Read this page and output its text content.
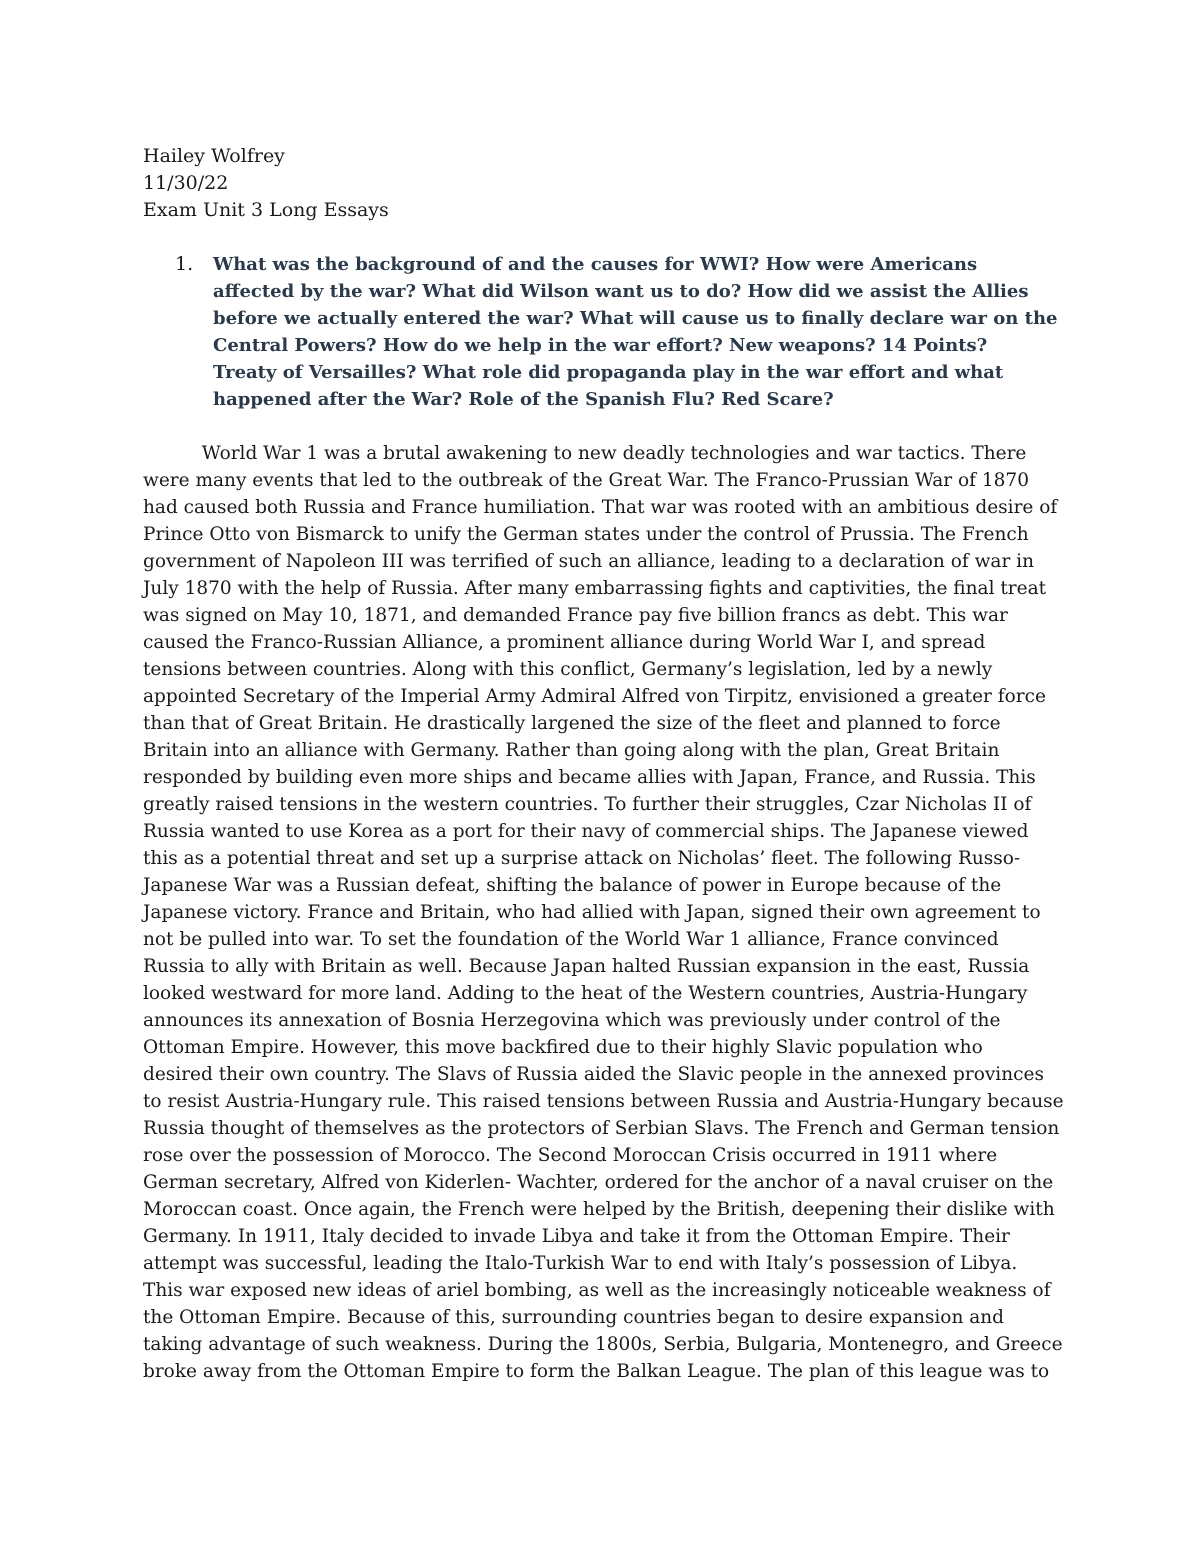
Hailey Wolfrey
11/30/22
Exam Unit 3 Long Essays
1. What was the background of and the causes for WWI? How were Americans
affected by the war? What did Wilson want us to do? How did we assist the Allies
before we actually entered the war? What will cause us to finally declare war on the
Central Powers? How do we help in the war effort? New weapons? 14 Points?
Treaty of Versailles? What role did propaganda play in the war effort and what
happened after the War? Role of the Spanish Flu? Red Scare?
World War 1 was a brutal awakening to new deadly technologies and war tactics. There
were many events that led to the outbreak of the Great War. The Franco-Prussian War of 1870
had caused both Russia and France humiliation. That war was rooted with an ambitious desire of
Prince Otto von Bismarck to unify the German states under the control of Prussia. The French
government of Napoleon III was terrified of such an alliance, leading to a declaration of war in
July 1870 with the help of Russia. After many embarrassing fights and captivities, the final treat
was signed on May 10, 1871, and demanded France pay five billion francs as debt. This war
caused the Franco-Russian Alliance, a prominent alliance during World War I, and spread
tensions between countries. Along with this conflict, Germany’s legislation, led by a newly
appointed Secretary of the Imperial Army Admiral Alfred von Tirpitz, envisioned a greater force
than that of Great Britain. He drastically largened the size of the fleet and planned to force
Britain into an alliance with Germany. Rather than going along with the plan, Great Britain
responded by building even more ships and became allies with Japan, France, and Russia. This
greatly raised tensions in the western countries. To further their struggles, Czar Nicholas II of
Russia wanted to use Korea as a port for their navy of commercial ships. The Japanese viewed
this as a potential threat and set up a surprise attack on Nicholas’ fleet. The following Russo-
Japanese War was a Russian defeat, shifting the balance of power in Europe because of the
Japanese victory. France and Britain, who had allied with Japan, signed their own agreement to
not be pulled into war. To set the foundation of the World War 1 alliance, France convinced
Russia to ally with Britain as well. Because Japan halted Russian expansion in the east, Russia
looked westward for more land. Adding to the heat of the Western countries, Austria-Hungary
announces its annexation of Bosnia Herzegovina which was previously under control of the
Ottoman Empire. However, this move backfired due to their highly Slavic population who
desired their own country. The Slavs of Russia aided the Slavic people in the annexed provinces
to resist Austria-Hungary rule. This raised tensions between Russia and Austria-Hungary because
Russia thought of themselves as the protectors of Serbian Slavs. The French and German tension
rose over the possession of Morocco. The Second Moroccan Crisis occurred in 1911 where
German secretary, Alfred von Kiderlen- Wachter, ordered for the anchor of a naval cruiser on the
Moroccan coast. Once again, the French were helped by the British, deepening their dislike with
Germany. In 1911, Italy decided to invade Libya and take it from the Ottoman Empire. Their
attempt was successful, leading the Italo-Turkish War to end with Italy’s possession of Libya.
This war exposed new ideas of ariel bombing, as well as the increasingly noticeable weakness of
the Ottoman Empire. Because of this, surrounding countries began to desire expansion and
taking advantage of such weakness. During the 1800s, Serbia, Bulgaria, Montenegro, and Greece
broke away from the Ottoman Empire to form the Balkan League. The plan of this league was to
